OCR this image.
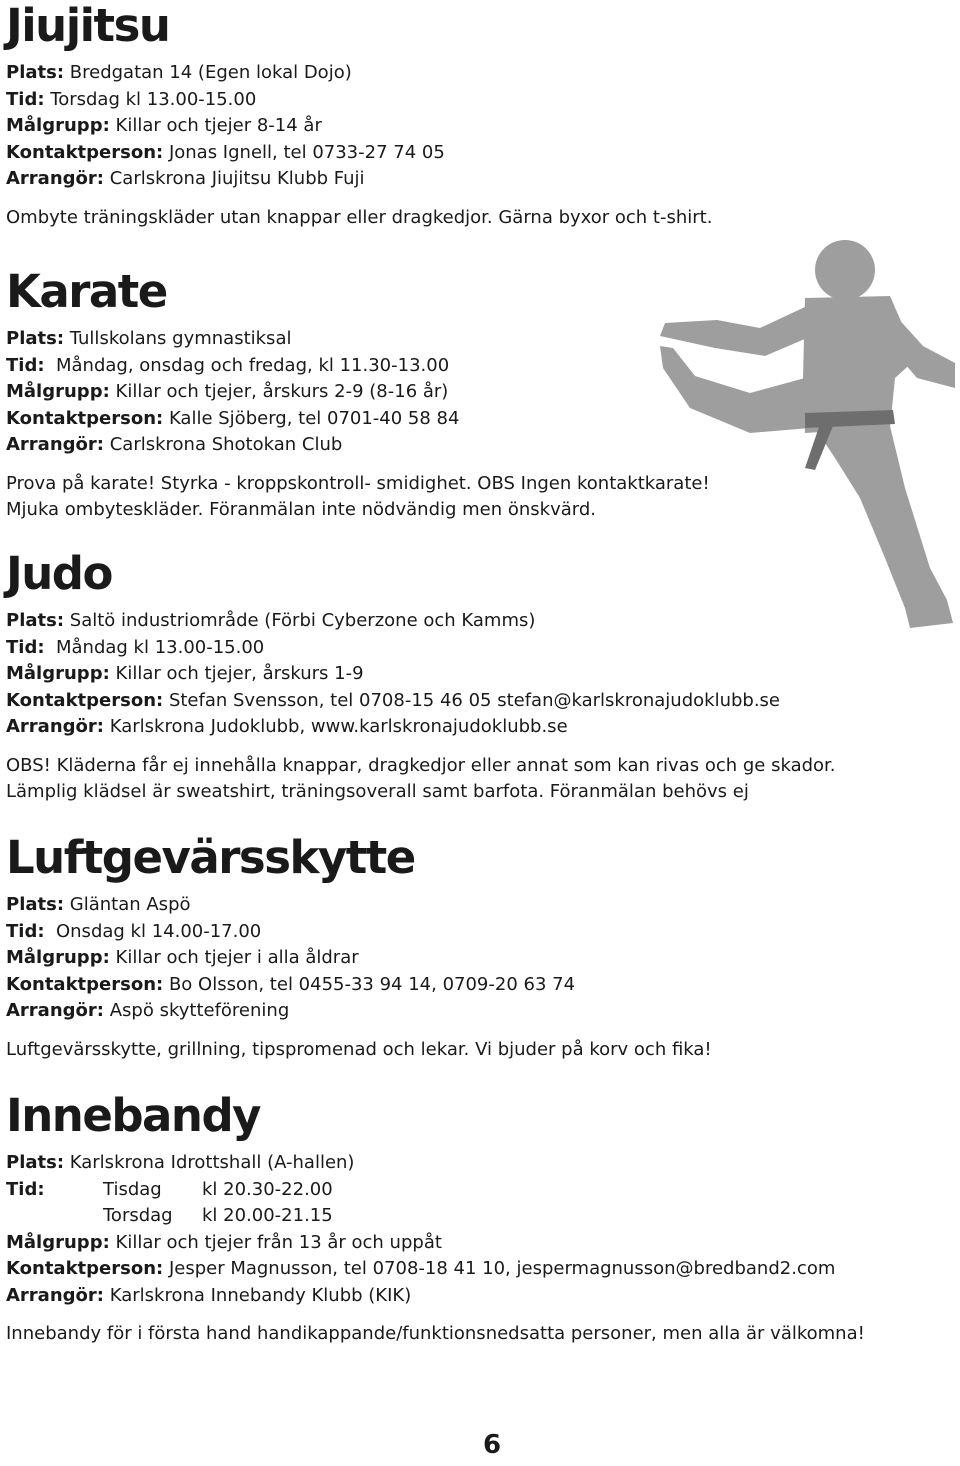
Jiujitsu
Plats: Bredgatan 14 (Egen lokal Dojo)
Tid: Torsdag kl 13.00-15.00
Målgrupp: Killar och tjejer 8-14 år
Kontaktperson: Jonas Ignell, tel 0733-27 74 05
Arrangör: Carlskrona Jiujitsu Klubb Fuji
Ombyte träningskläder utan knappar eller dragkedjor. Gärna byxor och t-shirt.
Karate
Plats: Tullskolans gymnastiksal
Tid: Måndag, onsdag och fredag, kl 11.30-13.00
Målgrupp: Killar och tjejer, årskurs 2-9 (8-16 år)
Kontaktperson: Kalle Sjöberg, tel 0701-40 58 84
Arrangör: Carlskrona Shotokan Club
Prova på karate! Styrka - kroppskontroll- smidighet. OBS Ingen kontaktkarate!
Mjuka ombyteskläder. Föranmälan inte nödvändig men önskvärd.
Judo
Plats: Saltö industriområde (Förbi Cyberzone och Kamms)
Tid: Måndag kl 13.00-15.00
Målgrupp: Killar och tjejer, årskurs 1-9
Kontaktperson: Stefan Svensson, tel 0708-15 46 05 stefan@karlskronajudoklubb.se
Arrangör: Karlskrona Judoklubb, www.karlskronajudoklubb.se
OBS! Kläderna får ej innehålla knappar, dragkedjor eller annat som kan rivas och ge skador.
Lämplig klädsel är sweatshirt, träningsoverall samt barfota. Föranmälan behövs ej
Luftgevärsskytte
Plats: Gläntan Aspö
Tid: Onsdag kl 14.00-17.00
Målgrupp: Killar och tjejer i alla åldrar
Kontaktperson: Bo Olsson, tel 0455-33 94 14, 0709-20 63 74
Arrangör: Aspö skytteförening
Luftgevärsskytte, grillning, tipspromenad och lekar. Vi bjuder på korv och fika!
Innebandy
Plats: Karlskrona Idrottshall (A-hallen)
Tid:	Tisdag	kl 20.30-22.00
Torsdag	kl 20.00-21.15
Målgrupp: Killar och tjejer från 13 år och uppåt
Kontaktperson: Jesper Magnusson, tel 0708-18 41 10, jespermagnusson@bredband2.com
Arrangör: Karlskrona Innebandy Klubb (KIK)
Innebandy för i första hand handikappande/funktionsnedsatta personer, men alla är välkomna!
6
